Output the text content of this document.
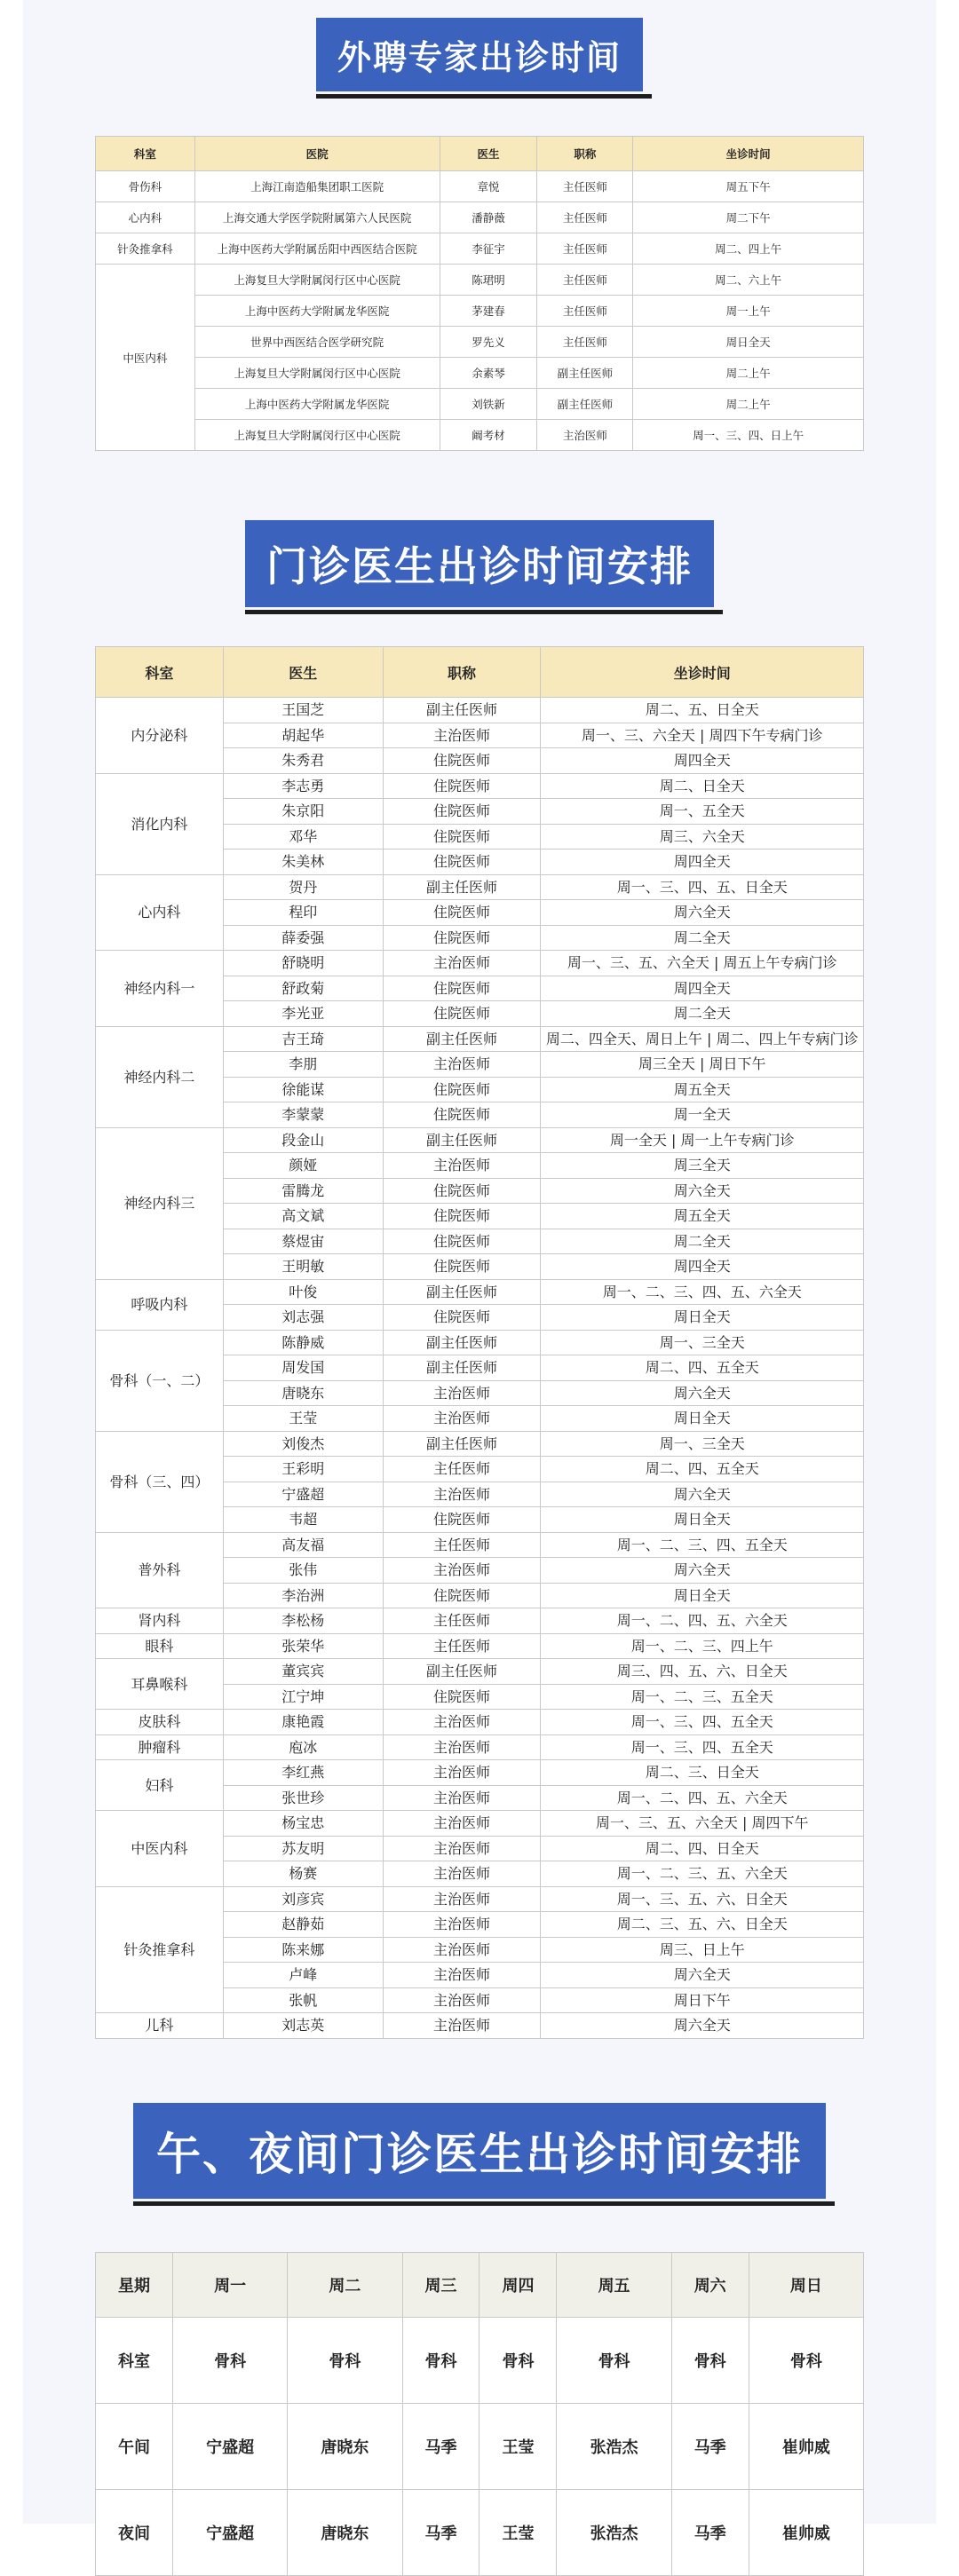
外聘专家出诊时间
科室	医院	医生	职称	坐诊时间
骨伤科	上海江南造船集团职工医院	章悦	主任医师	周五下午
心内科	上海交通大学医学院附属第六人民医院	潘静薇	主任医师	周二下午
针灸推拿科	上海中医药大学附属岳阳中西医结合医院	李征宇	主任医师	周二、四上午
中医内科	上海复旦大学附属闵行区中心医院	陈珺明	主任医师	周二、六上午
	上海中医药大学附属龙华医院	茅建春	主任医师	周一上午
	世界中西医结合医学研究院	罗先义	主任医师	周日全天
	上海复旦大学附属闵行区中心医院	余素琴	副主任医师	周二上午
	上海中医药大学附属龙华医院	刘铁新	副主任医师	周二上午
	上海复旦大学附属闵行区中心医院	阚考材	主治医师	周一、三、四、日上午
门诊医生出诊时间安排
科室	医生	职称	坐诊时间
内分泌科	王国芝	副主任医师	周二、五、日全天
	胡起华	主治医师	周一、三、六全天 | 周四下午专病门诊
	朱秀君	住院医师	周四全天
消化内科	李志勇	住院医师	周二、日全天
	朱京阳	住院医师	周一、五全天
	邓华	住院医师	周三、六全天
	朱美林	住院医师	周四全天
心内科	贺丹	副主任医师	周一、三、四、五、日全天
	程印	住院医师	周六全天
	薛委强	住院医师	周二全天
神经内科一	舒晓明	主治医师	周一、三、五、六全天 | 周五上午专病门诊
	舒政菊	住院医师	周四全天
	李光亚	住院医师	周二全天
神经内科二	吉王琦	副主任医师	周二、四全天、周日上午 | 周二、四上午专病门诊
	李朋	主治医师	周三全天 | 周日下午
	徐能谋	住院医师	周五全天
	李蒙蒙	住院医师	周一全天
神经内科三	段金山	副主任医师	周一全天 | 周一上午专病门诊
	颜娅	主治医师	周三全天
	雷腾龙	住院医师	周六全天
	高文斌	住院医师	周五全天
	蔡煜宙	住院医师	周二全天
	王明敏	住院医师	周四全天
呼吸内科	叶俊	副主任医师	周一、二、三、四、五、六全天
	刘志强	住院医师	周日全天
骨科（一、二）	陈静威	副主任医师	周一、三全天
	周发国	副主任医师	周二、四、五全天
	唐晓东	主治医师	周六全天
	王莹	主治医师	周日全天
骨科（三、四）	刘俊杰	副主任医师	周一、三全天
	王彩明	主任医师	周二、四、五全天
	宁盛超	主治医师	周六全天
	韦超	住院医师	周日全天
普外科	高友福	主任医师	周一、二、三、四、五全天
	张伟	主治医师	周六全天
	李治洲	住院医师	周日全天
肾内科	李松杨	主任医师	周一、二、四、五、六全天
眼科	张荣华	主任医师	周一、二、三、四上午
耳鼻喉科	董宾宾	副主任医师	周三、四、五、六、日全天
	江宁坤	住院医师	周一、二、三、五全天
皮肤科	康艳霞	主治医师	周一、三、四、五全天
肿瘤科	庖冰	主治医师	周一、三、四、五全天
妇科	李红燕	主治医师	周二、三、日全天
	张世珍	主治医师	周一、二、四、五、六全天
中医内科	杨宝忠	主治医师	周一、三、五、六全天 | 周四下午
	苏友明	主治医师	周二、四、日全天
	杨赛	主治医师	周一、二、三、五、六全天
针灸推拿科	刘彦宾	主治医师	周一、三、五、六、日全天
	赵静茹	主治医师	周二、三、五、六、日全天
	陈来娜	主治医师	周三、日上午
	卢峰	主治医师	周六全天
	张帆	主治医师	周日下午
儿科	刘志英	主治医师	周六全天
午、夜间门诊医生出诊时间安排
星期	周一	周二	周三	周四	周五	周六	周日
科室	骨科	骨科	骨科	骨科	骨科	骨科	骨科
午间	宁盛超	唐晓东	马季	王莹	张浩杰	马季	崔帅威
夜间	宁盛超	唐晓东	马季	王莹	张浩杰	马季	崔帅威
